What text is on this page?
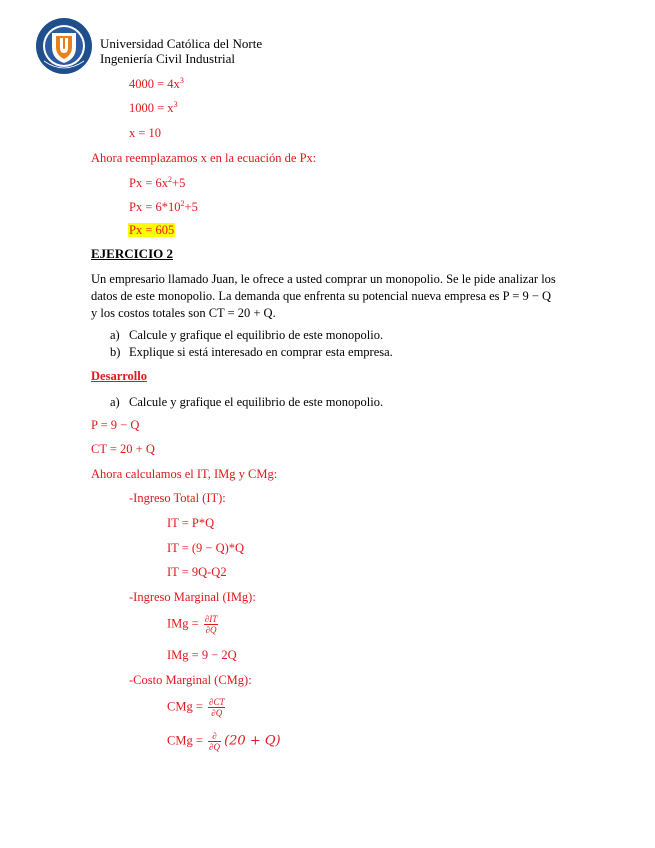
Universidad Católica del Norte
Ingeniería Civil Industrial
$4000 = 4x^3$
$1000 = x^3$
x = 10
Ahora reemplazamos x en la ecuación de Px:
$Px = 6x^2+5$
$Px = 6*10^2+5$
Px = 605
EJERCICIO 2
Un empresario llamado Juan, le ofrece a usted comprar un monopolio. Se le pide analizar los
datos de este monopolio. La demanda que enfrenta su potencial nueva empresa es P = 9 − Q
y los costos totales son CT = 20 + Q.
a) Calcule y grafique el equilibrio de este monopolio.
b) Explique si está interesado en comprar esta empresa.
Desarrollo
a) Calcule y grafique el equilibrio de este monopolio.
P = 9 − Q
CT = 20 + Q
Ahora calculamos el IT, IMg y CMg:
-Ingreso Total (IT):
IT = P*Q
IT = (9 − Q)*Q
IT = 9Q-Q2
-Ingreso Marginal (IMg):
IMg = $\frac{\partial IT}{\partial Q}$
IMg = 9 − 2Q
-Costo Marginal (CMg):
CMg = $\frac{\partial CT}{\partial Q}$
CMg = $\frac{\partial}{\partial Q} (20 + Q)$
